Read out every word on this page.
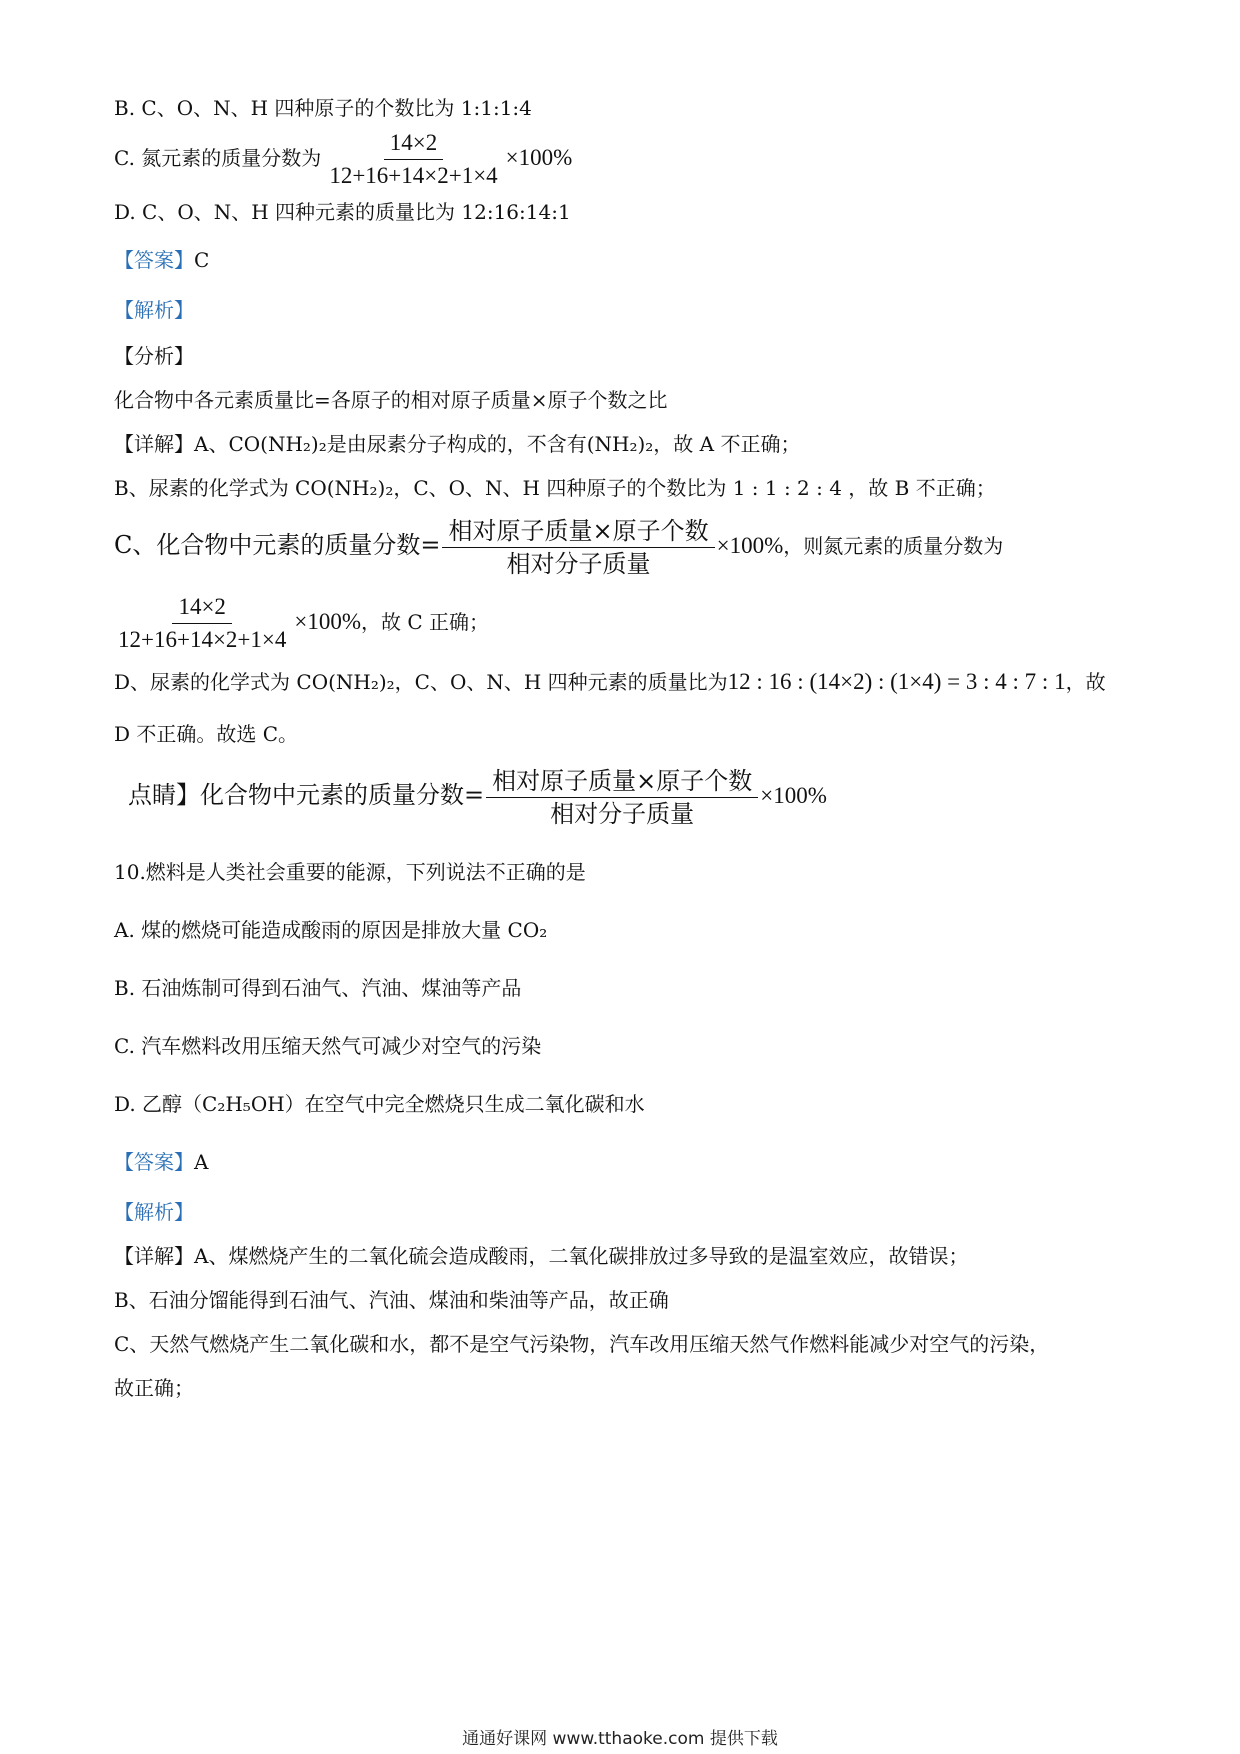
B. C、O、N、H 四种原子的个数比为 1:1:1:4
C. 氮元素的质量分数为 $\frac{14\times 2}{12+16+14\times 2+1\times 4} \times 100\%$
D. C、O、N、H 四种元素的质量比为 12:16:14:1
【答案】C
【解析】
【分析】
化合物中各元素质量比=各原子的相对原子质量×原子个数之比
【详解】A、CO(NH₂)₂是由尿素分子构成的，不含有(NH₂)₂，故 A 不正确；
B、尿素的化学式为 CO(NH₂)₂，C、O、N、H 四种原子的个数比为 1 : 1 : 2 : 4 ，故 B 不正确；
C、化合物中元素的质量分数= $\frac{\text{相对原子质量×原子个数}}{\text{相对分子质量}} \times 100\%$，则氮元素的质量分数为
$\frac{14\times 2}{12+16+14\times 2+1\times 4} \times 100\%$，故 C 正确；
D、尿素的化学式为 CO(NH₂)₂，C、O、N、H 四种元素的质量比为12 : 16 : (14×2) : (1×4) = 3 : 4 : 7 : 1，故
D 不正确。故选 C。
点睛】化合物中元素的质量分数= $\frac{\text{相对原子质量×原子个数}}{\text{相对分子质量}} \times 100\%$
10.燃料是人类社会重要的能源，下列说法不正确的是
A. 煤的燃烧可能造成酸雨的原因是排放大量 CO₂
B. 石油炼制可得到石油气、汽油、煤油等产品
C. 汽车燃料改用压缩天然气可减少对空气的污染
D. 乙醇（C₂H₅OH）在空气中完全燃烧只生成二氧化碳和水
【答案】A
【解析】
【详解】A、煤燃烧产生的二氧化硫会造成酸雨，二氧化碳排放过多导致的是温室效应，故错误；
B、石油分馏能得到石油气、汽油、煤油和柴油等产品，故正确
C、天然气燃烧产生二氧化碳和水，都不是空气污染物，汽车改用压缩天然气作燃料能减少对空气的污染，
故正确；
通通好课网 www.tthaoke.com 提供下载
